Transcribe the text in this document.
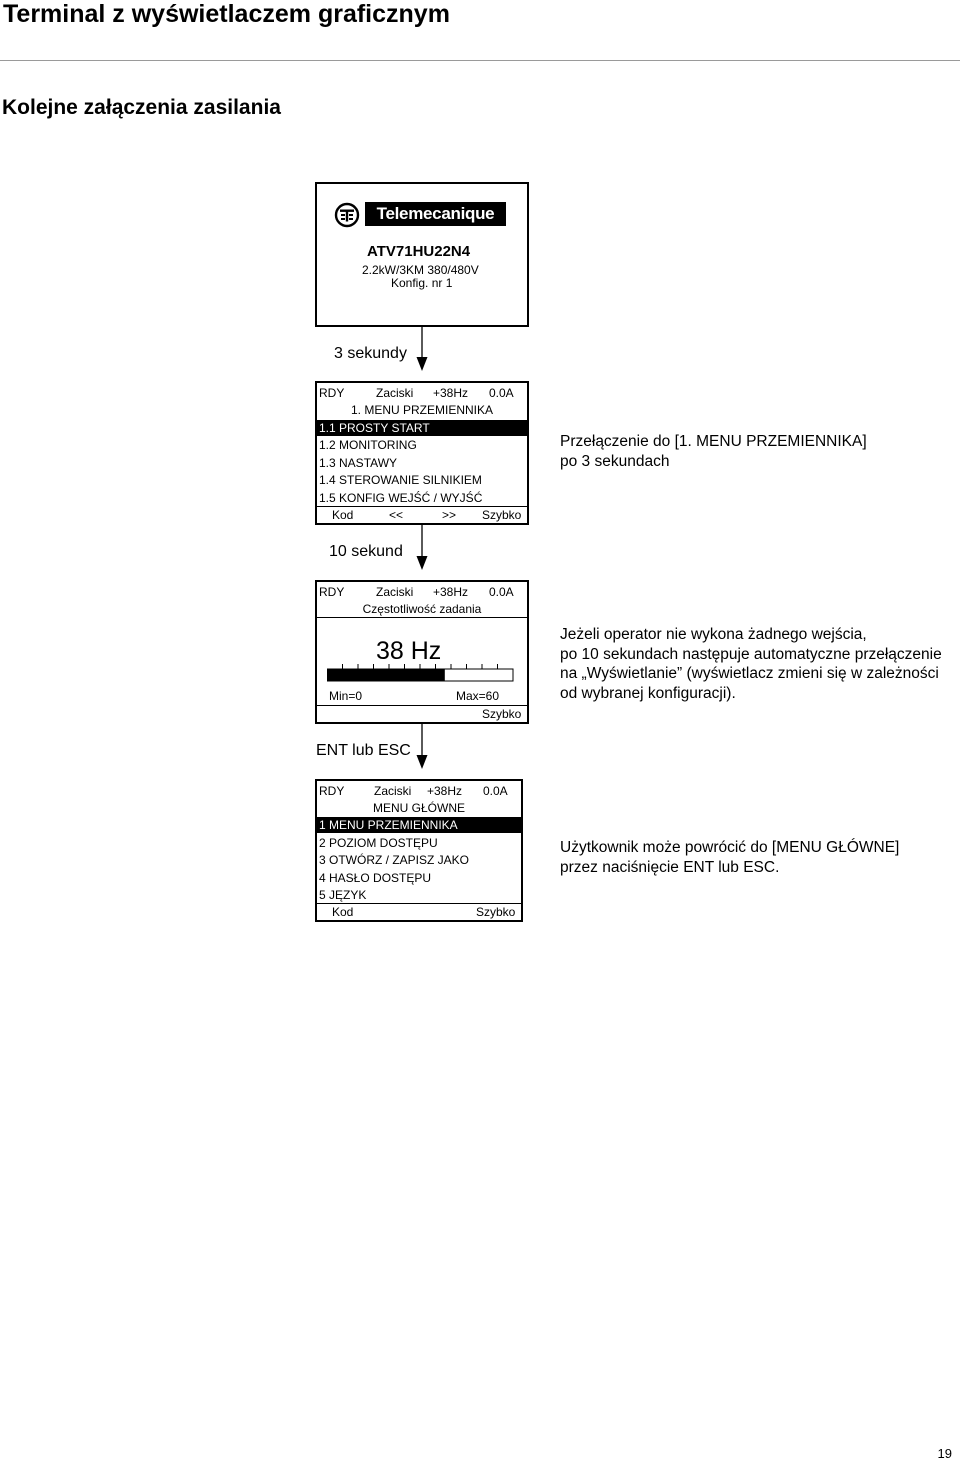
Terminal z wyświetlaczem graficznym
Kolejne załączenia zasilania
ATV71HU22N4
2.2kW/3KM 380/480V
Konfig. nr 1
Telemecanique
3 sekundy
RDY	Zaciski +38Hz 0.0A
1. MENU PRZEMIENNIKA
1.1 PROSTY START
1.2 MONITORING
1.3 NASTAWY
1.4 STEROWANIE SILNIKIEM
1.5 KONFIG WEJŚĆ / WYJŚĆ
Kod	<<	>> Szybko
Przełączenie do [1. MENU PRZEMIENNIKA]
po 3 sekundach
10 sekund
RDY	Zaciski +38Hz 0.0A
Częstotliwość zadania
38 Hz
Min=0	Max=60
Szybko
Jeżeli operator nie wykona żadnego wejścia,
po 10 sekundach następuje automatyczne przełączenie
na „Wyświetlanie” (wyświetlacz zmieni się w zależności
od wybranej konfiguracji).
ENT lub ESC
RDY Zaciski +38Hz 0.0A
MENU GŁÓWNE
1 MENU PRZEMIENNIKA
2 POZIOM DOSTĘPU
3 OTWÓRZ / ZAPISZ JAKO
4 HASŁO DOSTĘPU
5 JĘZYK
Kod	Szybko
Użytkownik może powrócić do [MENU GŁÓWNE]
przez naciśnięcie ENT lub ESC.
19
